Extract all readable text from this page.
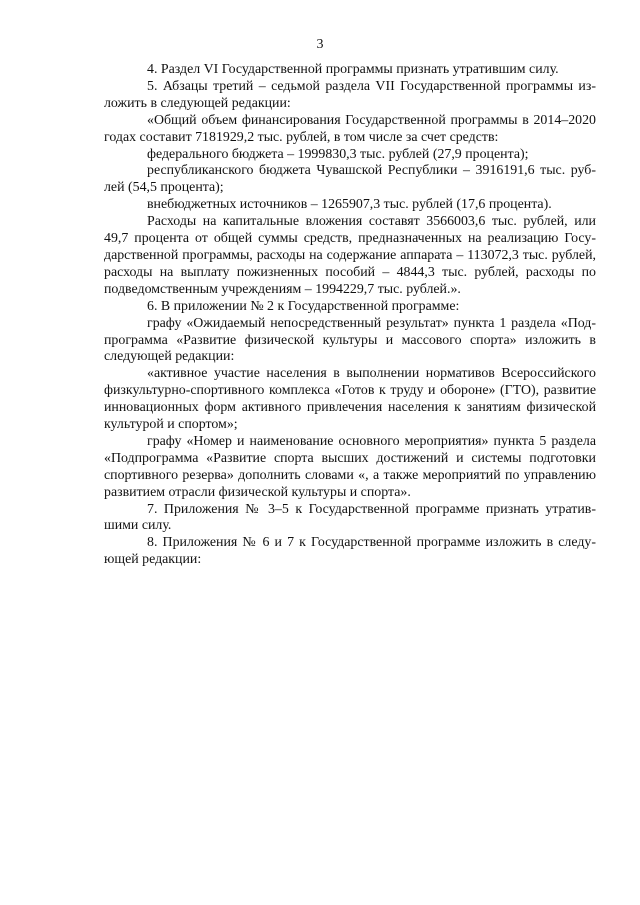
3

4. Раздел VI Государственной программы признать утратившим силу.

5. Абзацы третий – седьмой раздела VII Государственной программы изложить в следующей редакции:

«Общий объем финансирования Государственной программы в 2014–2020 годах составит 7181929,2 тыс. рублей, в том числе за счет средств:

федерального бюджета – 1999830,3 тыс. рублей (27,9 процента);

республиканского бюджета Чувашской Республики – 3916191,6 тыс. рублей (54,5 процента);

внебюджетных источников – 1265907,3 тыс. рублей (17,6 процента).

Расходы на капитальные вложения составят 3566003,6 тыс. рублей, или 49,7 процента от общей суммы средств, предназначенных на реализацию Государственной программы, расходы на содержание аппарата – 113072,3 тыс. рублей, расходы на выплату пожизненных пособий – 4844,3 тыс. рублей, расходы по подведомственным учреждениям – 1994229,7 тыс. рублей.».

6. В приложении № 2 к Государственной программе:

графу «Ожидаемый непосредственный результат» пункта 1 раздела «Подпрограмма «Развитие физической культуры и массового спорта» изложить в следующей редакции:

«активное участие населения в выполнении нормативов Всероссийского физкультурно-спортивного комплекса «Готов к труду и обороне» (ГТО), развитие инновационных форм активного привлечения населения к занятиям физической культурой и спортом»;

графу «Номер и наименование основного мероприятия» пункта 5 раздела «Подпрограмма «Развитие спорта высших достижений и системы подготовки спортивного резерва» дополнить словами «, а также мероприятий по управлению развитием отрасли физической культуры и спорта».

7. Приложения № 3–5 к Государственной программе признать утратившими силу.

8. Приложения № 6 и 7 к Государственной программе изложить в следующей редакции:
